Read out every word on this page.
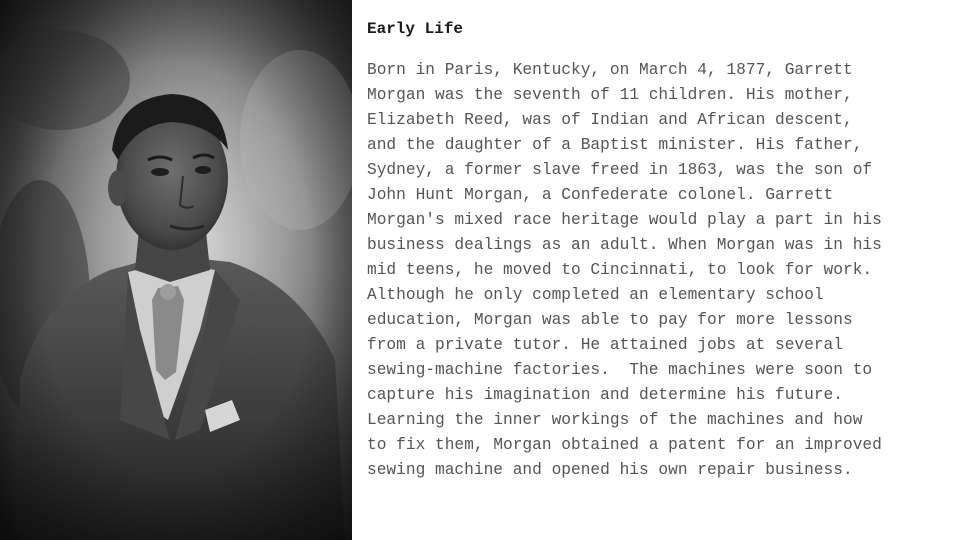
Early Life
Born in Paris, Kentucky, on March 4, 1877, Garrett
Morgan was the seventh of 11 children. His mother,
Elizabeth Reed, was of Indian and African descent,
and the daughter of a Baptist minister. His father,
Sydney, a former slave freed in 1863, was the son of
John Hunt Morgan, a Confederate colonel. Garrett
Morgan's mixed race heritage would play a part in his
business dealings as an adult. When Morgan was in his
mid teens, he moved to Cincinnati, to look for work.
Although he only completed an elementary school
education, Morgan was able to pay for more lessons
from a private tutor. He attained jobs at several
sewing-machine factories.  The machines were soon to
capture his imagination and determine his future.
Learning the inner workings of the machines and how
to fix them, Morgan obtained a patent for an improved
sewing machine and opened his own repair business.
